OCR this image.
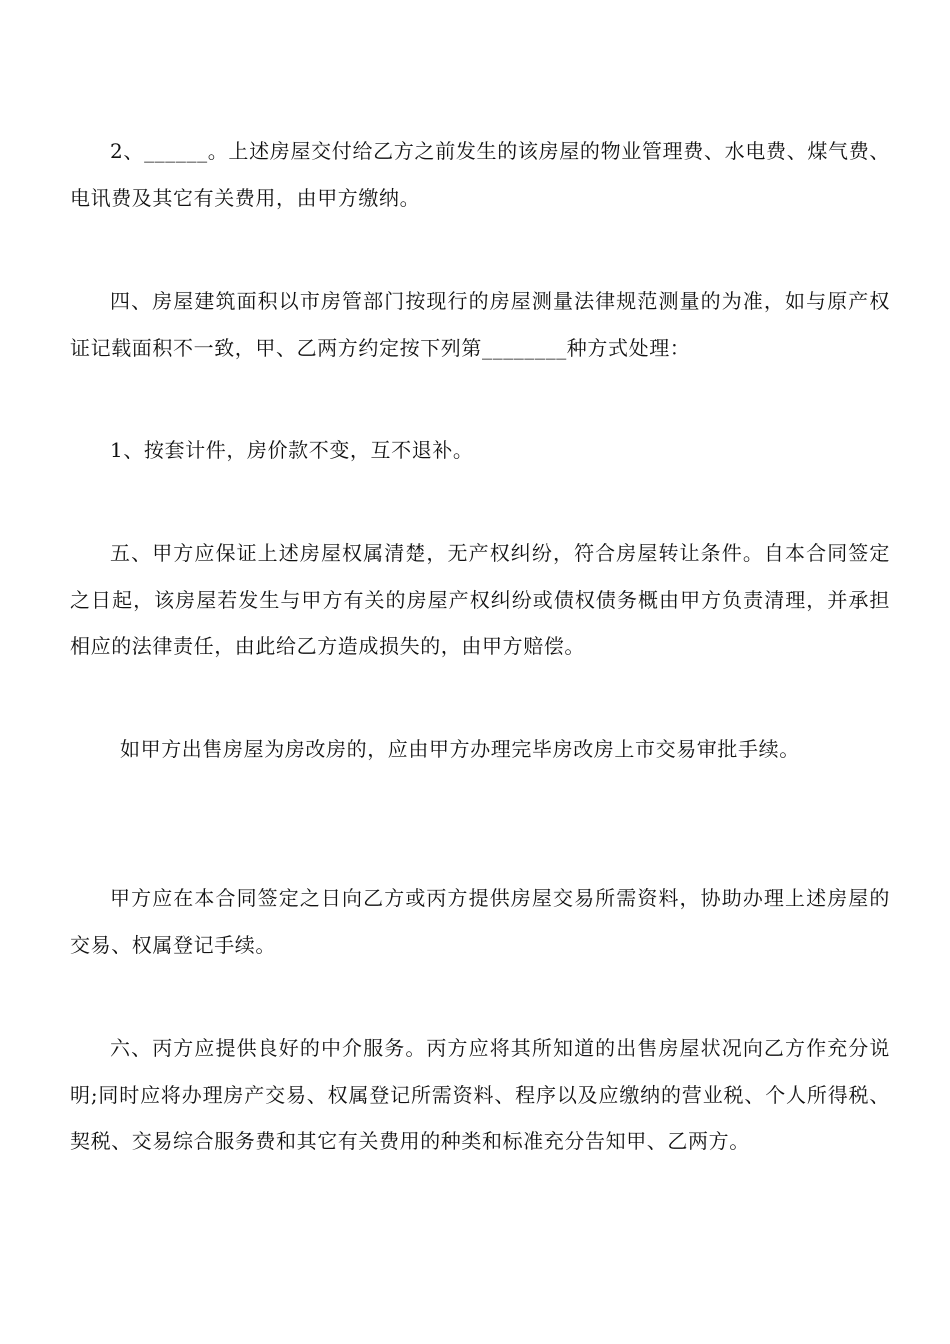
2、______。上述房屋交付给乙方之前发生的该房屋的物业管理费、水电费、煤气费、电讯费及其它有关费用，由甲方缴纳。

四、房屋建筑面积以市房管部门按现行的房屋测量法律规范测量的为准，如与原产权证记载面积不一致，甲、乙两方约定按下列第________种方式处理：

1、按套计件，房价款不变，互不退补。

五、甲方应保证上述房屋权属清楚，无产权纠纷，符合房屋转让条件。自本合同签定之日起，该房屋若发生与甲方有关的房屋产权纠纷或债权债务概由甲方负责清理，并承担相应的法律责任，由此给乙方造成损失的，由甲方赔偿。

如甲方出售房屋为房改房的，应由甲方办理完毕房改房上市交易审批手续。

甲方应在本合同签定之日向乙方或丙方提供房屋交易所需资料，协助办理上述房屋的交易、权属登记手续。

六、丙方应提供良好的中介服务。丙方应将其所知道的出售房屋状况向乙方作充分说明;同时应将办理房产交易、权属登记所需资料、程序以及应缴纳的营业税、个人所得税、契税、交易综合服务费和其它有关费用的种类和标准充分告知甲、乙两方。
